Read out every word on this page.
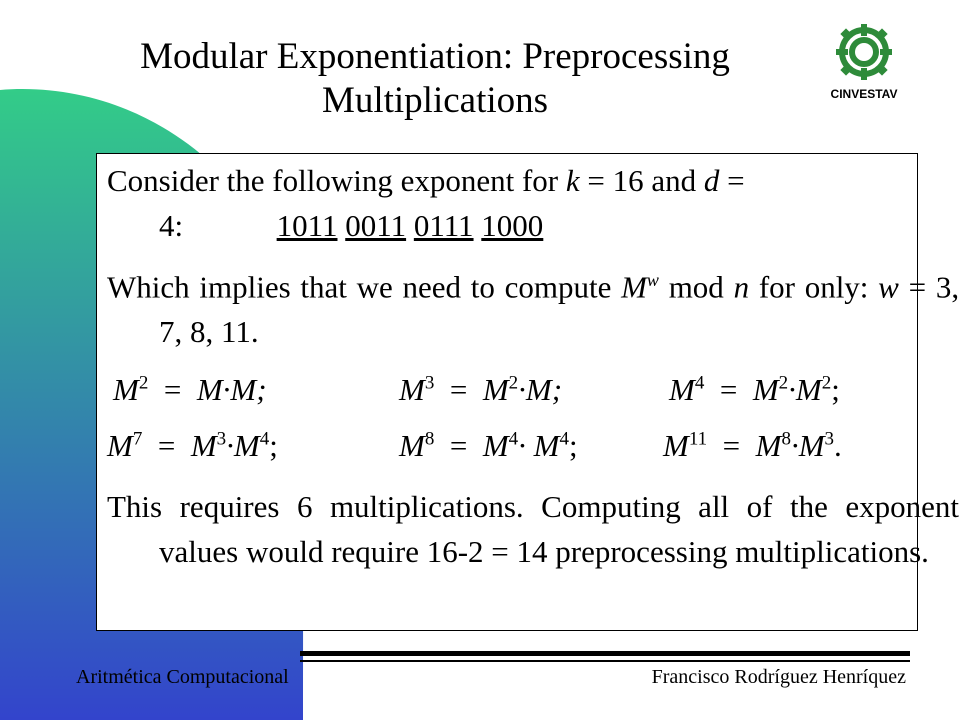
Modular Exponentiation: Preprocessing
Multiplications	CINVESTAV
Consider the following exponent for k = 16 and d =
4:	1011 0011 0111 1000
Which implies that we need to compute $M^w$ mod n for only: w = 3, 7, 8, 11.
$M^2 = M\cdot M$;	$M^3 = M^2\cdot M$;	$M^4 = M^2\cdot M^2$;
$M^7 = M^3\cdot M^4$;	$M^8 = M^4\cdot M^4$;	$M^{11} = M^8\cdot M^3$.
This requires 6 multiplications. Computing all of the exponent values would require 16-2 = 14 preprocessing multiplications.
Aritmética Computacional	Francisco Rodríguez Henríquez
